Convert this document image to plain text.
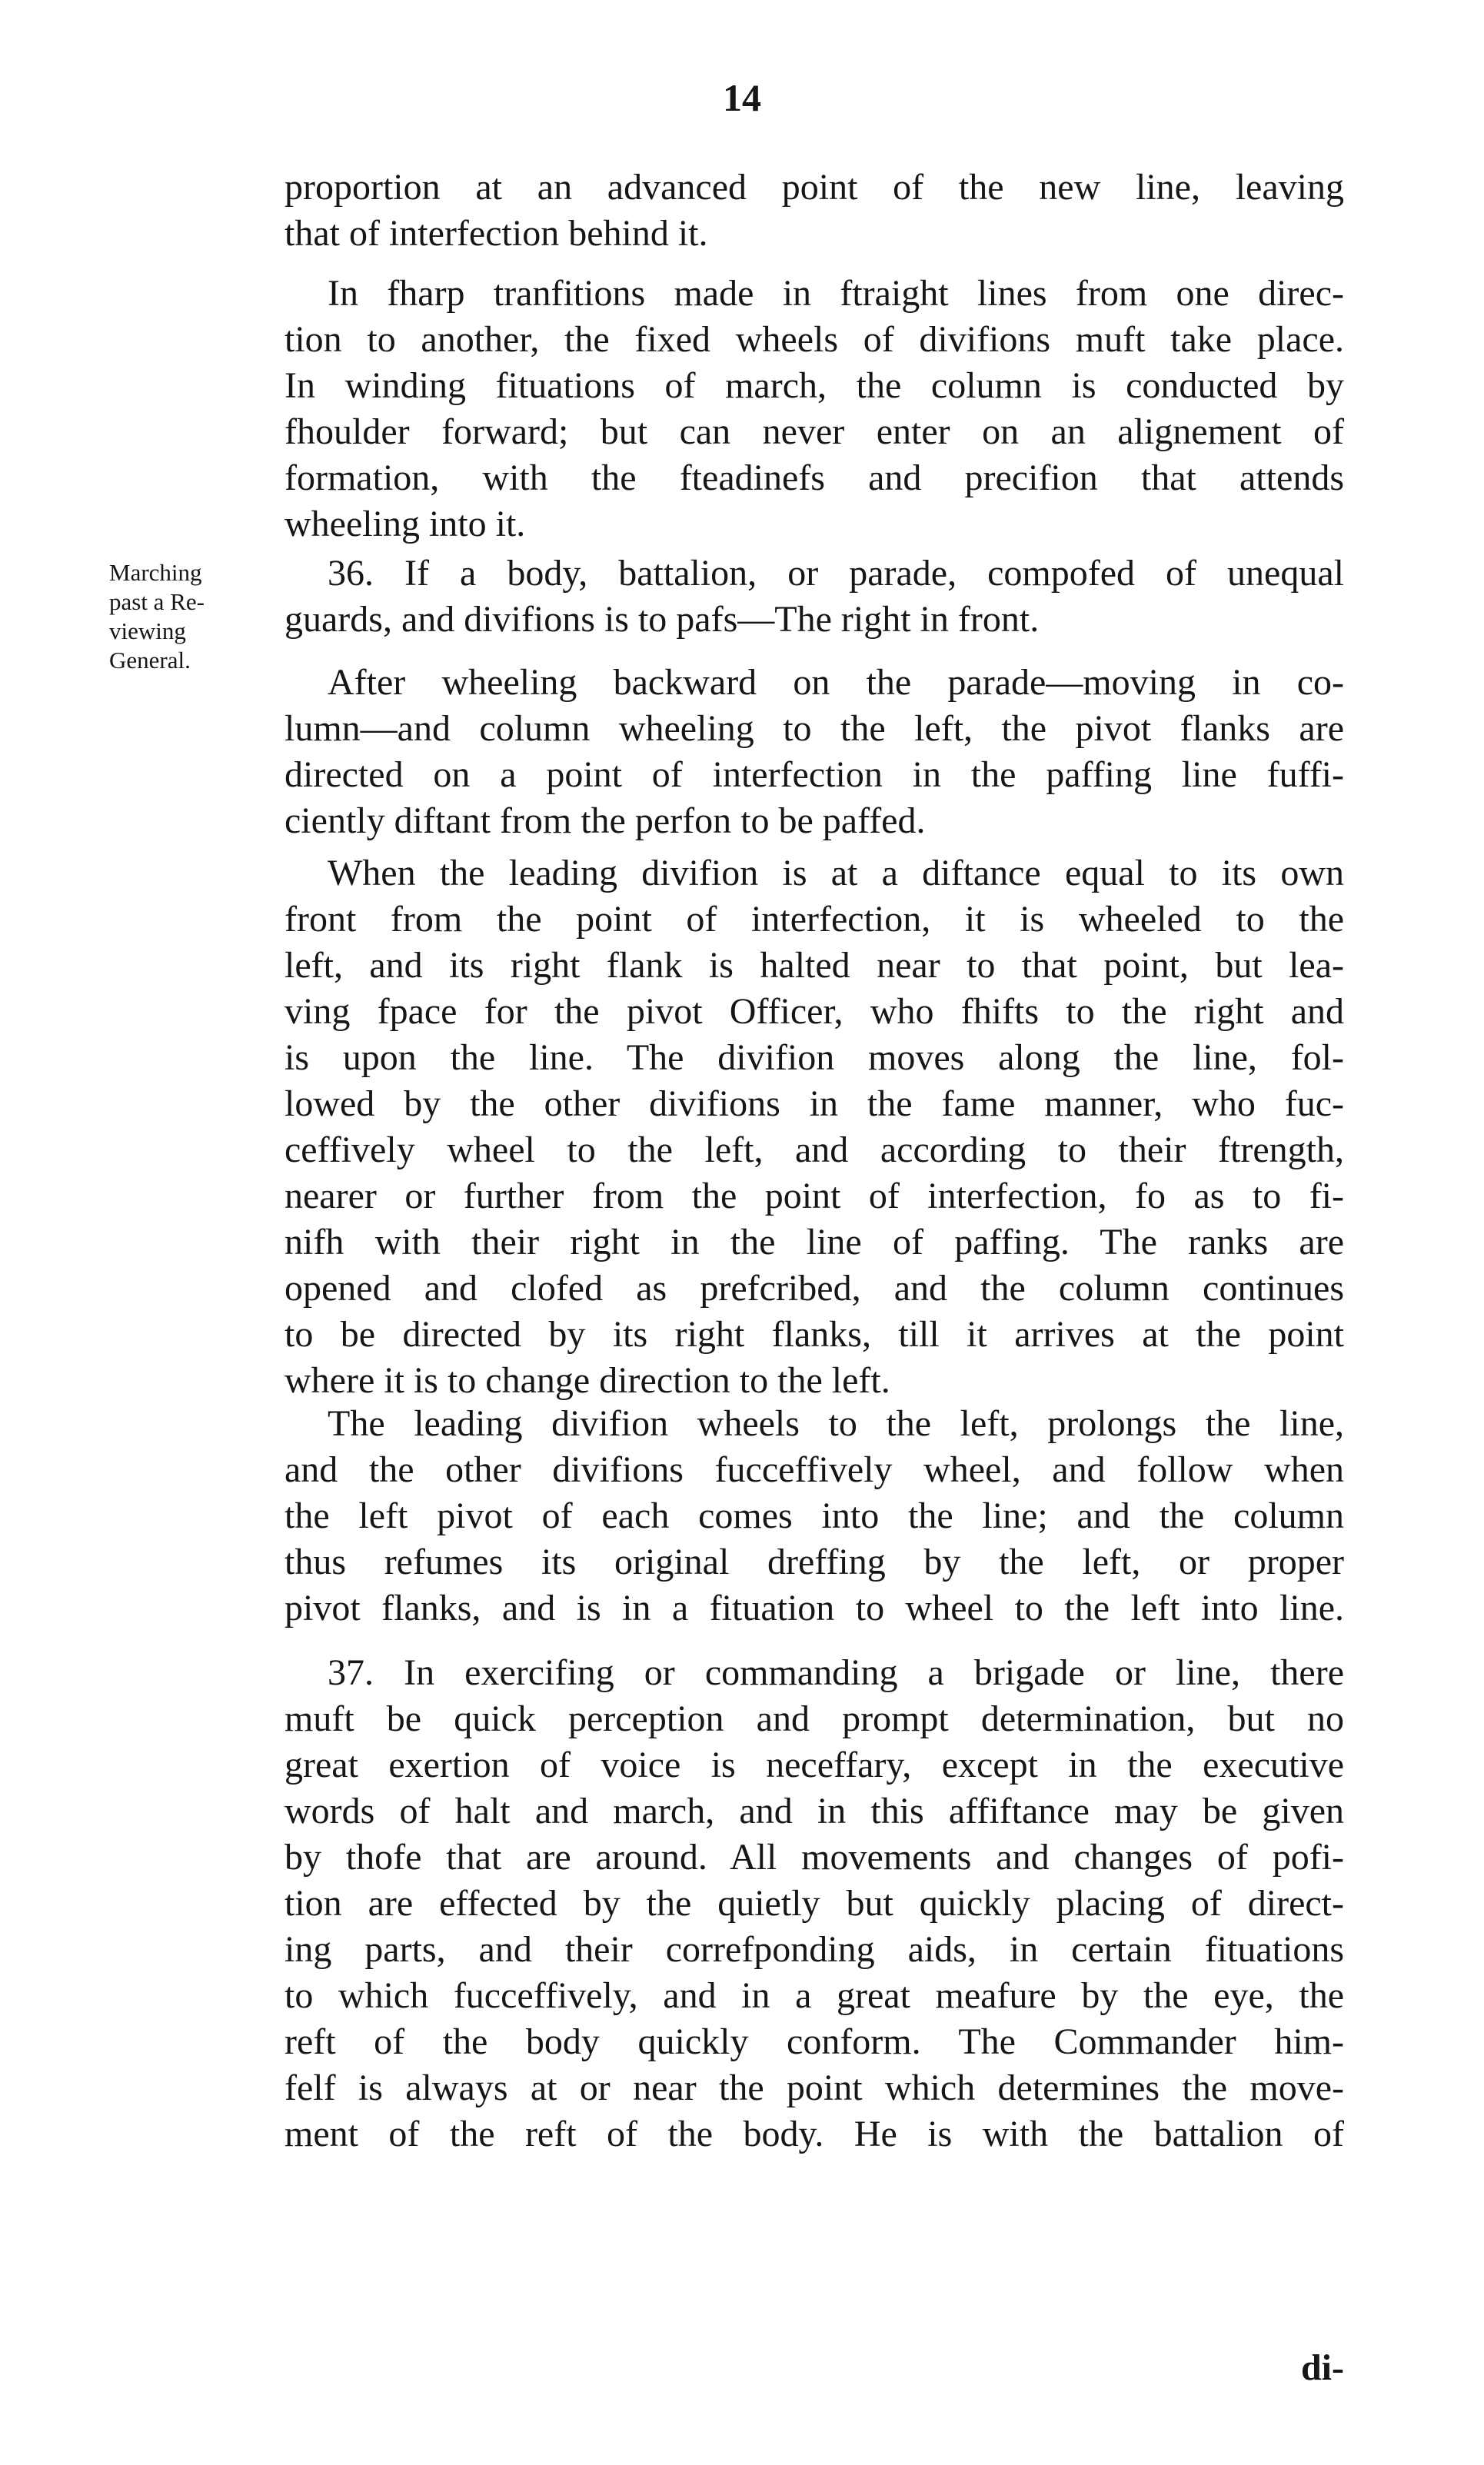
14
Marching
past a Re-
viewing
General.
proportion at an advanced point of the new line, leaving
that of interfection behind it.
In fharp tranfitions made in ftraight lines from one direc-
tion to another, the fixed wheels of divifions muft take place.
In winding fituations of march, the column is conducted by
fhoulder forward; but can never enter on an alignement of
formation, with the fteadinefs and precifion that attends
wheeling into it.
36. If a body, battalion, or parade, compofed of unequal
guards, and divifions is to pafs—The right in front.
After wheeling backward on the parade—moving in co-
lumn—and column wheeling to the left, the pivot flanks are
directed on a point of interfection in the paffing line fuffi-
ciently diftant from the perfon to be paffed.
When the leading divifion is at a diftance equal to its own
front from the point of interfection, it is wheeled to the
left, and its right flank is halted near to that point, but lea-
ving fpace for the pivot Officer, who fhifts to the right and
is upon the line. The divifion moves along the line, fol-
lowed by the other divifions in the fame manner, who fuc-
ceffively wheel to the left, and according to their ftrength,
nearer or further from the point of interfection, fo as to fi-
nifh with their right in the line of paffing. The ranks are
opened and clofed as prefcribed, and the column continues
to be directed by its right flanks, till it arrives at the point
where it is to change direction to the left.
The leading divifion wheels to the left, prolongs the line,
and the other divifions fucceffively wheel, and follow when
the left pivot of each comes into the line; and the column
thus refumes its original dreffing by the left, or proper
pivot flanks, and is in a fituation to wheel to the left into line.
37. In exercifing or commanding a brigade or line, there
muft be quick perception and prompt determination, but no
great exertion of voice is neceffary, except in the executive
words of halt and march, and in this affiftance may be given
by thofe that are around. All movements and changes of pofi-
tion are effected by the quietly but quickly placing of direct-
ing parts, and their correfponding aids, in certain fituations
to which fucceffively, and in a great meafure by the eye, the
reft of the body quickly conform. The Commander him-
felf is always at or near the point which determines the move-
ment of the reft of the body. He is with the battalion of
di-
